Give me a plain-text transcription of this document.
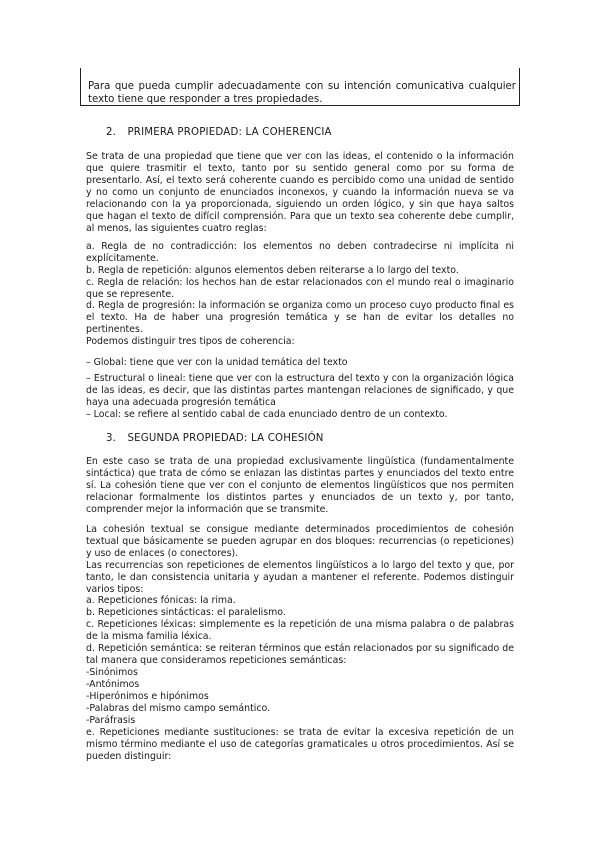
Para que pueda cumplir adecuadamente con su intención comunicativa cualquier texto tiene que responder a tres propiedades.

2. PRIMERA PROPIEDAD: LA COHERENCIA

Se trata de una propiedad que tiene que ver con las ideas, el contenido o la información que quiere trasmitir el texto, tanto por su sentido general como por su forma de presentarlo. Así, el texto será coherente cuando es percibido como una unidad de sentido y no como un conjunto de enunciados inconexos, y cuando la información nueva se va relacionando con la ya proporcionada, siguiendo un orden lógico, y sin que haya saltos que hagan el texto de difícil comprensión. Para que un texto sea coherente debe cumplir, al menos, las siguientes cuatro reglas:

a. Regla de no contradicción: los elementos no deben contradecirse ni implícita ni explícitamente.

b. Regla de repetición: algunos elementos deben reiterarse a lo largo del texto.

c. Regla de relación: los hechos han de estar relacionados con el mundo real o imaginario que se represente.

d. Regla de progresión: la información se organiza como un proceso cuyo producto final es el texto. Ha de haber una progresión temática y se han de evitar los detalles no pertinentes.

Podemos distinguir tres tipos de coherencia:

– Global: tiene que ver con la unidad temática del texto

– Estructural o lineal: tiene que ver con la estructura del texto y con la organización lógica de las ideas, es decir, que las distintas partes mantengan relaciones de significado, y que haya una adecuada progresión temática

– Local: se refiere al sentido cabal de cada enunciado dentro de un contexto.

3. SEGUNDA PROPIEDAD: LA COHESIÓN

En este caso se trata de una propiedad exclusivamente lingüística (fundamentalmente sintáctica) que trata de cómo se enlazan las distintas partes y enunciados del texto entre sí. La cohesión tiene que ver con el conjunto de elementos lingüísticos que nos permiten relacionar formalmente los distintos partes y enunciados de un texto y, por tanto, comprender mejor la información que se transmite.

La cohesión textual se consigue mediante determinados procedimientos de cohesión textual que básicamente se pueden agrupar en dos bloques: recurrencias (o repeticiones) y uso de enlaces (o conectores).

Las recurrencias son repeticiones de elementos lingüísticos a lo largo del texto y que, por tanto, le dan consistencia unitaria y ayudan a mantener el referente. Podemos distinguir varios tipos:

a. Repeticiones fónicas: la rima.

b. Repeticiones sintácticas: el paralelismo.

c. Repeticiones léxicas: simplemente es la repetición de una misma palabra o de palabras de la misma familia léxica.

d. Repetición semántica: se reiteran términos que están relacionados por su significado de tal manera que consideramos repeticiones semánticas:

-Sinónimos

-Antónimos

-Hiperónimos e hipónimos

-Palabras del mismo campo semántico.

-Paráfrasis

e. Repeticiones mediante sustituciones: se trata de evitar la excesiva repetición de un mismo término mediante el uso de categorías gramaticales u otros procedimientos. Así se pueden distinguir:
